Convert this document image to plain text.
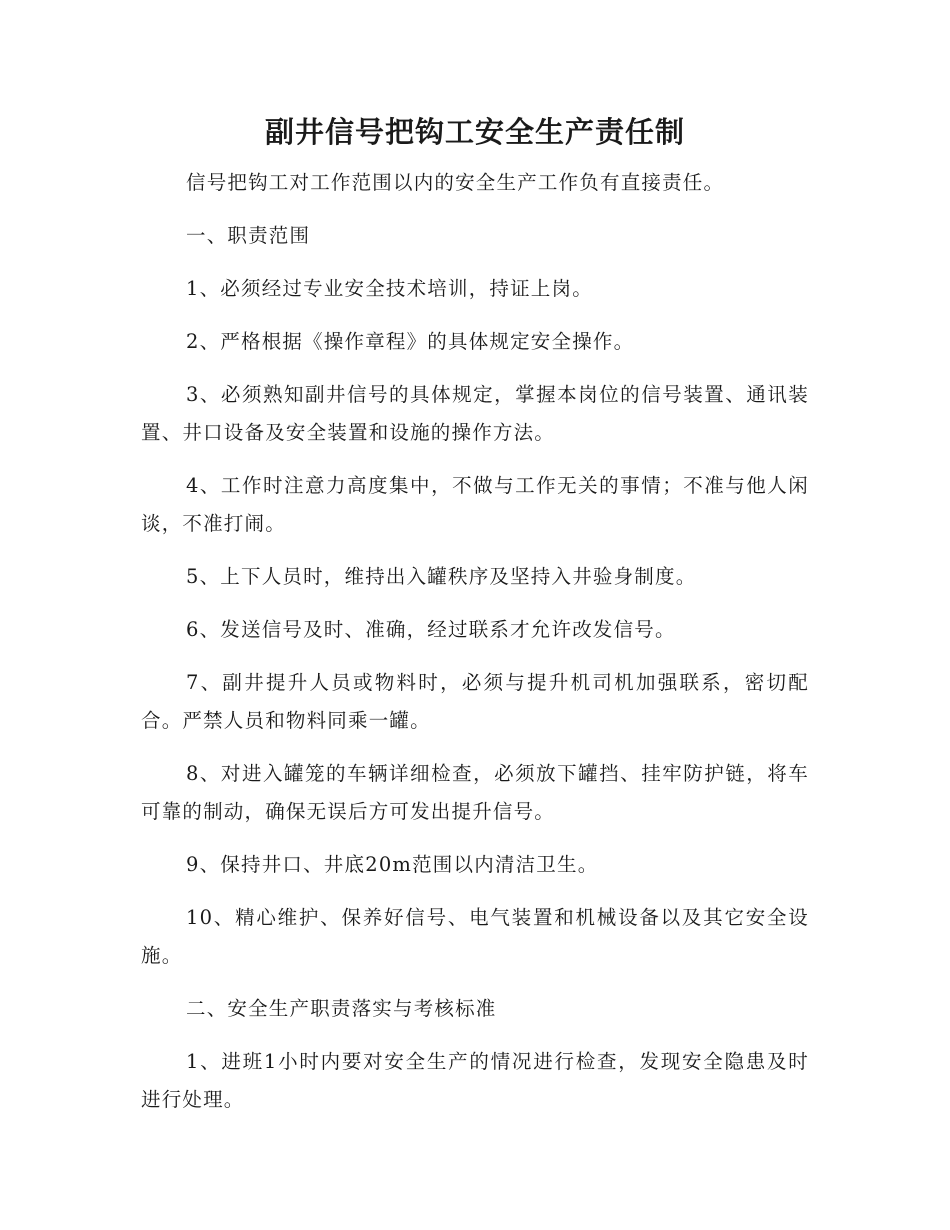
副井信号把钩工安全生产责任制

信号把钩工对工作范围以内的安全生产工作负有直接责任。

一、职责范围

1、必须经过专业安全技术培训，持证上岗。

2、严格根据《操作章程》的具体规定安全操作。

3、必须熟知副井信号的具体规定，掌握本岗位的信号装置、通讯装置、井口设备及安全装置和设施的操作方法。

4、工作时注意力高度集中，不做与工作无关的事情；不准与他人闲谈，不准打闹。

5、上下人员时，维持出入罐秩序及坚持入井验身制度。

6、发送信号及时、准确，经过联系才允许改发信号。

7、副井提升人员或物料时，必须与提升机司机加强联系，密切配合。严禁人员和物料同乘一罐。

8、对进入罐笼的车辆详细检查，必须放下罐挡、挂牢防护链，将车可靠的制动，确保无误后方可发出提升信号。

9、保持井口、井底20m范围以内清洁卫生。

10、精心维护、保养好信号、电气装置和机械设备以及其它安全设施。

二、安全生产职责落实与考核标准

1、进班1小时内要对安全生产的情况进行检查，发现安全隐患及时进行处理。
